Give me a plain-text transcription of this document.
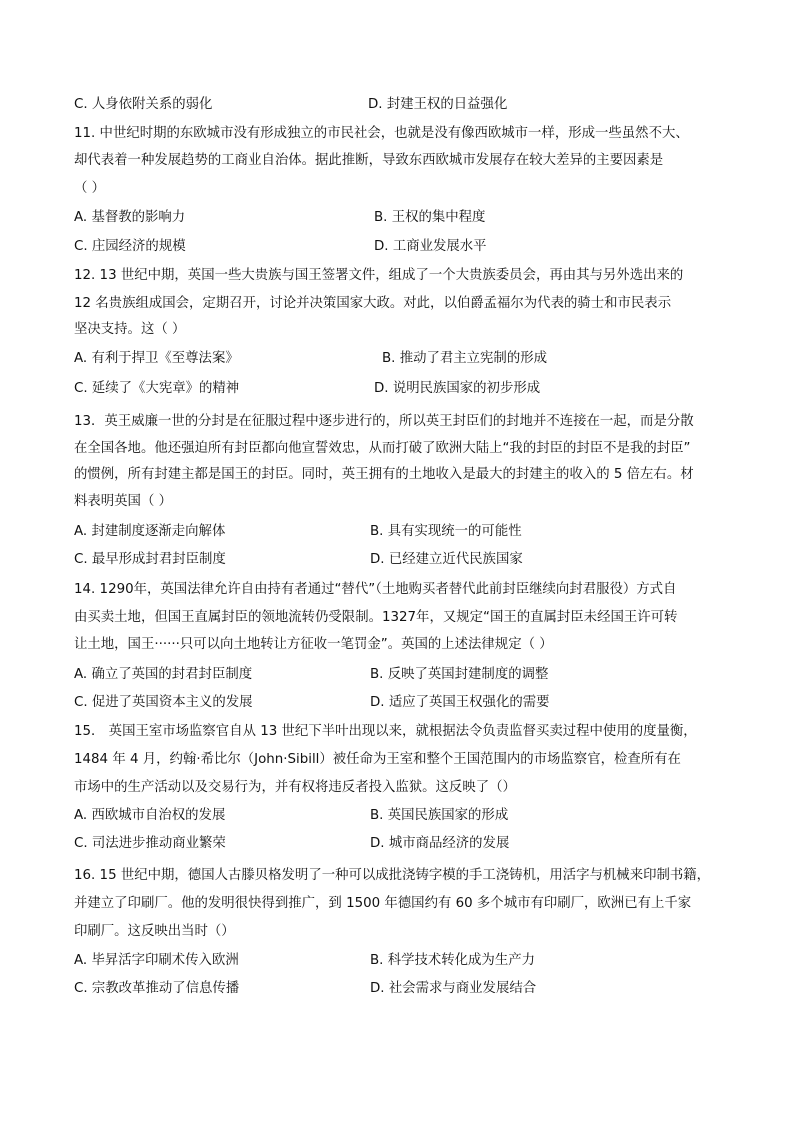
C. 人身依附关系的弱化	D. 封建王权的日益强化
11. 中世纪时期的东欧城市没有形成独立的市民社会，也就是没有像西欧城市一样，形成一些虽然不大、
却代表着一种发展趋势的工商业自治体。据此推断，导致东西欧城市发展存在较大差异的主要因素是
（ ）
A. 基督教的影响力	B. 王权的集中程度
C. 庄园经济的规模	D. 工商业发展水平
12. 13 世纪中期，英国一些大贵族与国王签署文件，组成了一个大贵族委员会，再由其与另外选出来的
12 名贵族组成国会，定期召开，讨论并决策国家大政。对此，以伯爵孟福尔为代表的骑士和市民表示
坚决支持。这（ ）
A. 有利于捍卫《至尊法案》	B. 推动了君主立宪制的形成
C. 延续了《大宪章》的精神	D. 说明民族国家的初步形成
13．英王威廉一世的分封是在征服过程中逐步进行的，所以英王封臣们的封地并不连接在一起，而是分散
在全国各地。他还强迫所有封臣都向他宣誓效忠，从而打破了欧洲大陆上“我的封臣的封臣不是我的封臣”
的惯例，所有封建主都是国王的封臣。同时，英王拥有的土地收入是最大的封建主的收入的 5 倍左右。材
料表明英国（ ）
A. 封建制度逐渐走向解体	B. 具有实现统一的可能性
C. 最早形成封君封臣制度	D. 已经建立近代民族国家
14. 1290年，英国法律允许自由持有者通过“替代”（土地购买者替代此前封臣继续向封君服役）方式自
由买卖土地，但国王直属封臣的领地流转仍受限制。1327年，又规定“国王的直属封臣未经国王许可转
让土地，国王······只可以向土地转让方征收一笔罚金”。英国的上述法律规定（ ）
A. 确立了英国的封君封臣制度	B. 反映了英国封建制度的调整
C. 促进了英国资本主义的发展	D. 适应了英国王权强化的需要
15． 英国王室市场监察官自从 13 世纪下半叶出现以来，就根据法令负责监督买卖过程中使用的度量衡，
1484 年 4 月，约翰·希比尔（John·Sibill）被任命为王室和整个王国范围内的市场监察官，检查所有在
市场中的生产活动以及交易行为，并有权将违反者投入监狱。这反映了（）
A. 西欧城市自治权的发展	B. 英国民族国家的形成
C. 司法进步推动商业繁荣	D. 城市商品经济的发展
16. 15 世纪中期，德国人古滕贝格发明了一种可以成批浇铸字模的手工浇铸机，用活字与机械来印制书籍，
并建立了印刷厂。他的发明很快得到推广，到 1500 年德国约有 60 多个城市有印刷厂，欧洲已有上千家
印刷厂。这反映出当时（）
A. 毕昇活字印刷术传入欧洲	B. 科学技术转化成为生产力
C. 宗教改革推动了信息传播	D. 社会需求与商业发展结合
